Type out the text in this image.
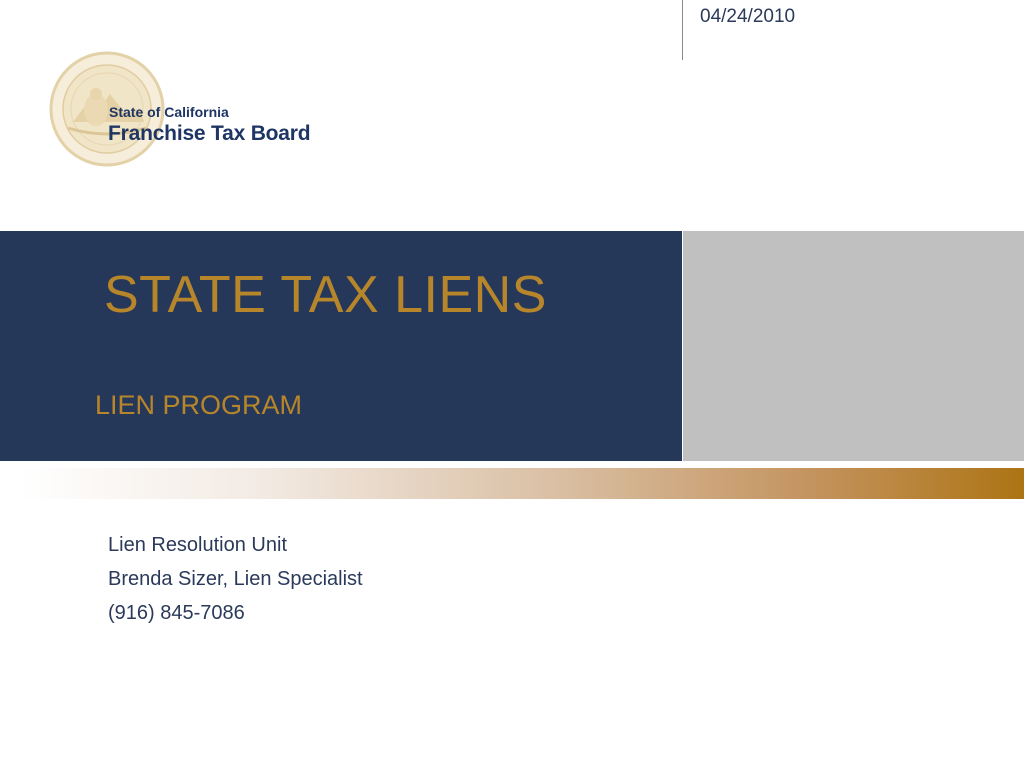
04/24/2010
State of California
Franchise Tax Board
STATE TAX LIENS
LIEN PROGRAM
Lien Resolution Unit
Brenda Sizer, Lien Specialist
(916) 845-7086
